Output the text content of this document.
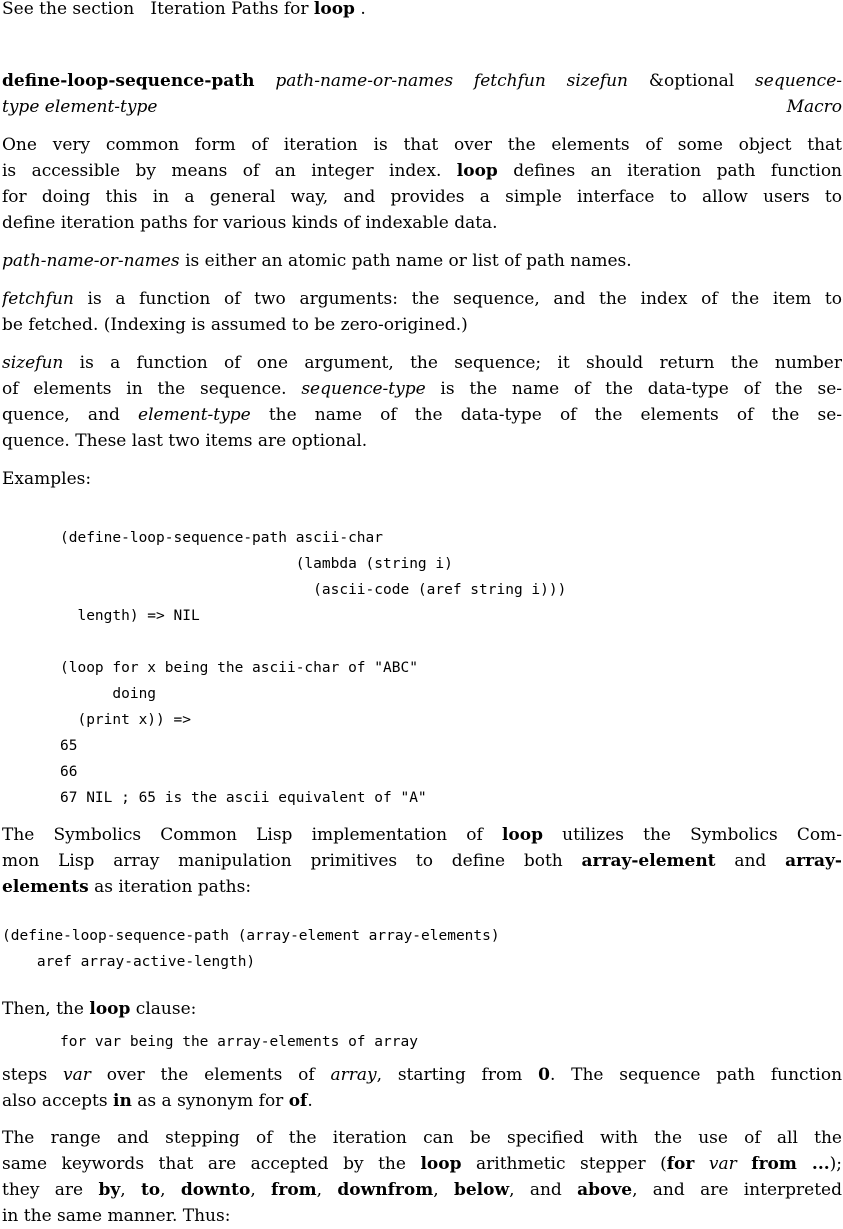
See the section Iteration Paths for loop .
define-loop-sequence-path path-name-or-names fetchfun sizefun &optional sequence-
type element-type	Macro
One very common form of iteration is that over the elements of some object that
is accessible by means of an integer index. loop defines an iteration path function
for doing this in a general way, and provides a simple interface to allow users to
define iteration paths for various kinds of indexable data.
path-name-or-names is either an atomic path name or list of path names.
fetchfun is a function of two arguments: the sequence, and the index of the item to
be fetched. (Indexing is assumed to be zero-origined.)
sizefun is a function of one argument, the sequence; it should return the number
of elements in the sequence. sequence-type is the name of the data-type of the se-
quence, and element-type the name of the data-type of the elements of the se-
quence. These last two items are optional.
Examples:
(define-loop-sequence-path ascii-char
(lambda (string i)
(ascii-code (aref string i)))
length) => NIL

(loop for x being the ascii-char of "ABC"
doing
(print x)) =>
65
66
67 NIL ; 65 is the ascii equivalent of "A"
The Symbolics Common Lisp implementation of loop utilizes the Symbolics Com-
mon Lisp array manipulation primitives to define both array-element and array-
elements as iteration paths:
(define-loop-sequence-path (array-element array-elements)
aref array-active-length)
Then, the loop clause:
for var being the array-elements of array
steps var over the elements of array, starting from 0. The sequence path function
also accepts in as a synonym for of.
The range and stepping of the iteration can be specified with the use of all the
same keywords that are accepted by the loop arithmetic stepper (for var from ...);
they are by, to, downto, from, downfrom, below, and above, and are interpreted
in the same manner. Thus:
